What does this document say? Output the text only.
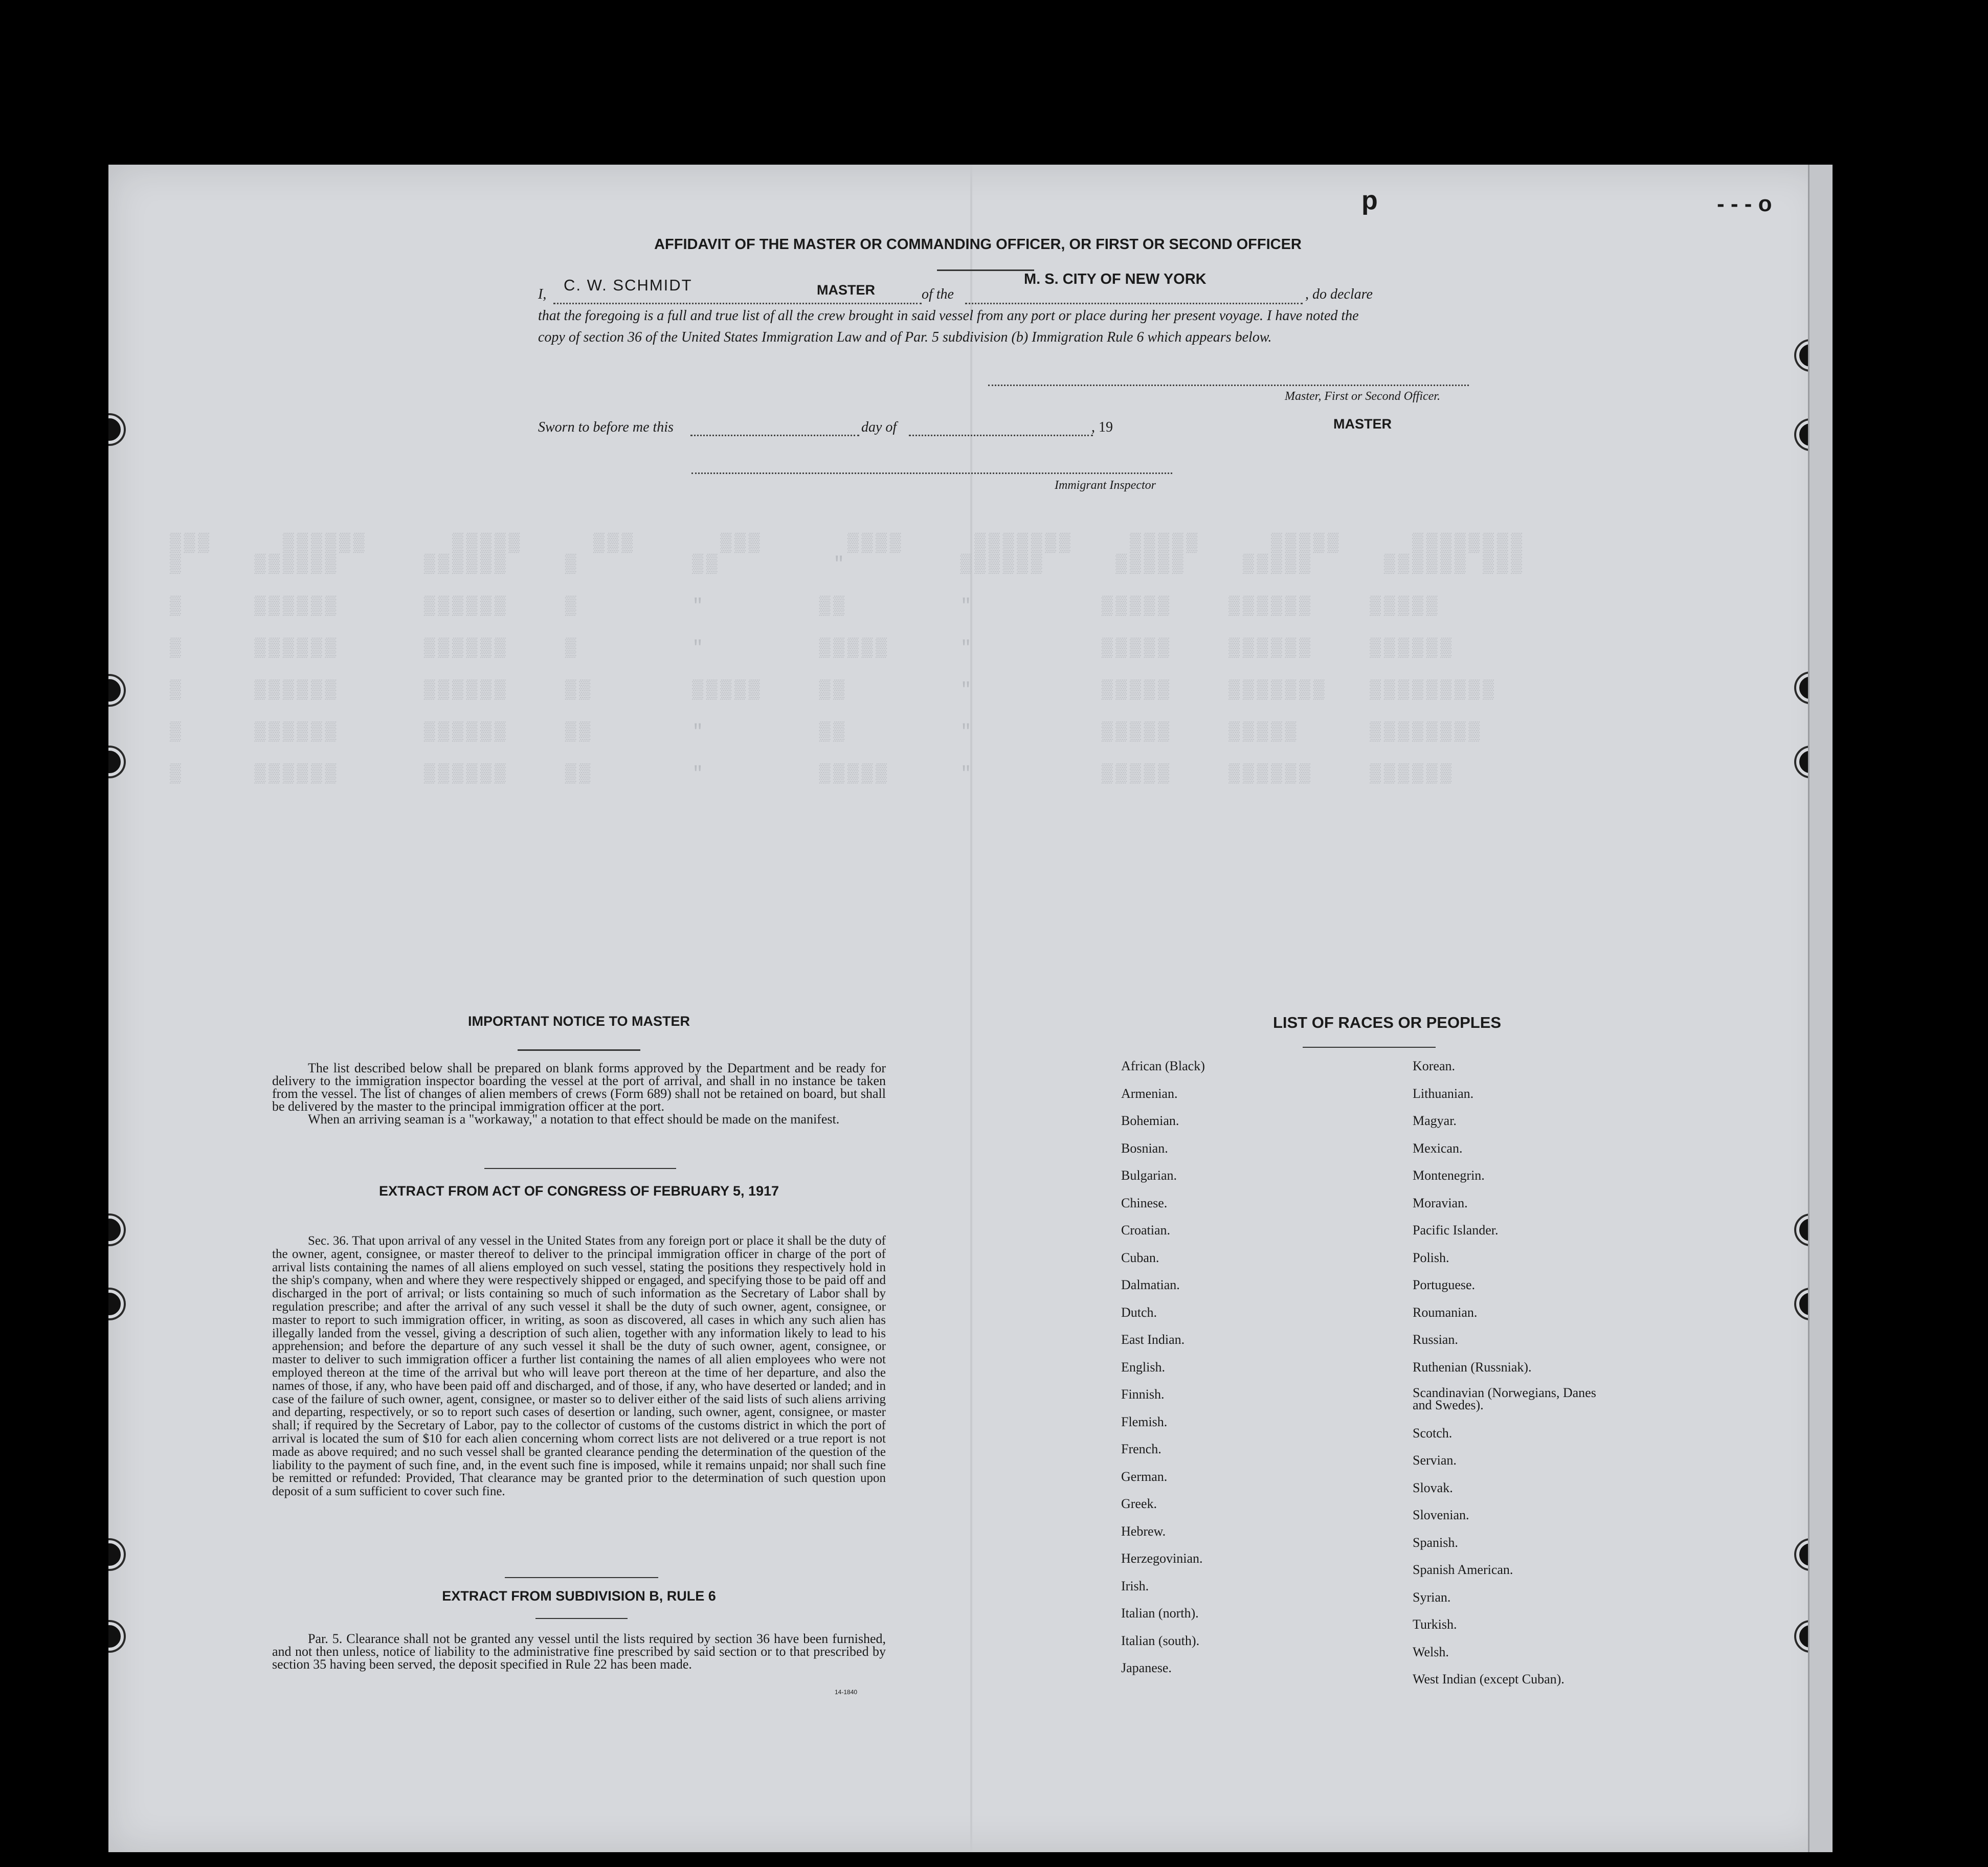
▒▒▒     ▒▒▒▒▒▒      ▒▒▒▒▒     ▒▒▒      ▒▒▒      ▒▒▒▒     ▒▒▒▒▒▒▒    ▒▒▒▒▒     ▒▒▒▒▒     ▒▒▒▒▒▒▒▒
▒     ▒▒▒▒▒▒      ▒▒▒▒▒▒    ▒        ▒▒        "        ▒▒▒▒▒▒     ▒▒▒▒▒    ▒▒▒▒▒     ▒▒▒▒▒▒ ▒▒▒

▒     ▒▒▒▒▒▒      ▒▒▒▒▒▒    ▒        "        ▒▒        "         ▒▒▒▒▒    ▒▒▒▒▒▒    ▒▒▒▒▒

▒     ▒▒▒▒▒▒      ▒▒▒▒▒▒    ▒        "        ▒▒▒▒▒     "         ▒▒▒▒▒    ▒▒▒▒▒▒    ▒▒▒▒▒▒

▒     ▒▒▒▒▒▒      ▒▒▒▒▒▒    ▒▒       ▒▒▒▒▒    ▒▒        "         ▒▒▒▒▒    ▒▒▒▒▒▒▒   ▒▒▒▒▒▒▒▒▒

▒     ▒▒▒▒▒▒      ▒▒▒▒▒▒    ▒▒       "        ▒▒        "         ▒▒▒▒▒    ▒▒▒▒▒     ▒▒▒▒▒▒▒▒

▒     ▒▒▒▒▒▒      ▒▒▒▒▒▒    ▒▒       "        ▒▒▒▒▒     "         ▒▒▒▒▒    ▒▒▒▒▒▒    ▒▒▒▒▒▒
p	- - - o
AFFIDAVIT OF THE MASTER OR COMMANDING OFFICER, OR FIRST OR SECOND OFFICER
I,
C. W. SCHMIDT	MASTER	of the
M. S. CITY OF NEW YORK
, do declare
that the foregoing is a full and true list of all the crew brought in said vessel from any port or place during her present voyage. I have noted the
copy of section 36 of the United States Immigration Law and of Par. 5 subdivision (b) Immigration Rule 6 which appears below.
Master, First or Second Officer.
Sworn to before me this	day of	, 19	MASTER
Immigrant Inspector
IMPORTANT NOTICE TO MASTER

The list described below shall be prepared on blank forms approved by the Department and be ready for delivery to the immigration inspector boarding the vessel at the port of arrival, and shall in no instance be taken from the vessel. The list of changes of alien members of crews (Form 689) shall not be retained on board, but shall be delivered by the master to the principal immigration officer at the port.

When an arriving seaman is a "workaway," a notation to that effect should be made on the manifest.

EXTRACT FROM ACT OF CONGRESS OF FEBRUARY 5, 1917

Sec. 36. That upon arrival of any vessel in the United States from any foreign port or place it shall be the duty of the owner, agent, consignee, or master thereof to deliver to the principal immigration officer in charge of the port of arrival lists containing the names of all aliens employed on such vessel, stating the positions they respectively hold in the ship's company, when and where they were respectively shipped or engaged, and specifying those to be paid off and discharged in the port of arrival; or lists containing so much of such information as the Secretary of Labor shall by regulation prescribe; and after the arrival of any such vessel it shall be the duty of such owner, agent, consignee, or master to report to such immigration officer, in writing, as soon as discovered, all cases in which any such alien has illegally landed from the vessel, giving a description of such alien, together with any information likely to lead to his apprehension; and before the departure of any such vessel it shall be the duty of such owner, agent, consignee, or master to deliver to such immigration officer a further list containing the names of all alien employees who were not employed thereon at the time of the arrival but who will leave port thereon at the time of her departure, and also the names of those, if any, who have been paid off and discharged, and of those, if any, who have deserted or landed; and in case of the failure of such owner, agent, consignee, or master so to deliver either of the said lists of such aliens arriving and departing, respectively, or so to report such cases of desertion or landing, such owner, agent, consignee, or master shall; if required by the Secretary of Labor, pay to the collector of customs of the customs district in which the port of arrival is located the sum of $10 for each alien concerning whom correct lists are not delivered or a true report is not made as above required; and no such vessel shall be granted clearance pending the determination of the question of the liability to the payment of such fine, and, in the event such fine is imposed, while it remains unpaid; nor shall such fine be remitted or refunded: Provided, That clearance may be granted prior to the determination of such question upon deposit of a sum sufficient to cover such fine.

EXTRACT FROM SUBDIVISION B, RULE 6

Par. 5. Clearance shall not be granted any vessel until the lists required by section 36 have been furnished, and not then unless, notice of liability to the administrative fine prescribed by said section or to that prescribed by section 35 having been served, the deposit specified in Rule 22 has been made.

14-1840
LIST OF RACES OR PEOPLES
African (Black)
Armenian.
Bohemian.
Bosnian.
Bulgarian.
Chinese.
Croatian.
Cuban.
Dalmatian.
Dutch.
East Indian.
English.
Finnish.
Flemish.
French.
German.
Greek.
Hebrew.
Herzegovinian.
Irish.
Italian (north).
Italian (south).
Japanese.
Korean.
Lithuanian.
Magyar.
Mexican.
Montenegrin.
Moravian.
Pacific Islander.
Polish.
Portuguese.
Roumanian.
Russian.
Ruthenian (Russniak).
Scandinavian (Norwegians, Danes and Swedes).
Scotch.
Servian.
Slovak.
Slovenian.
Spanish.
Spanish American.
Syrian.
Turkish.
Welsh.
West Indian (except Cuban).
